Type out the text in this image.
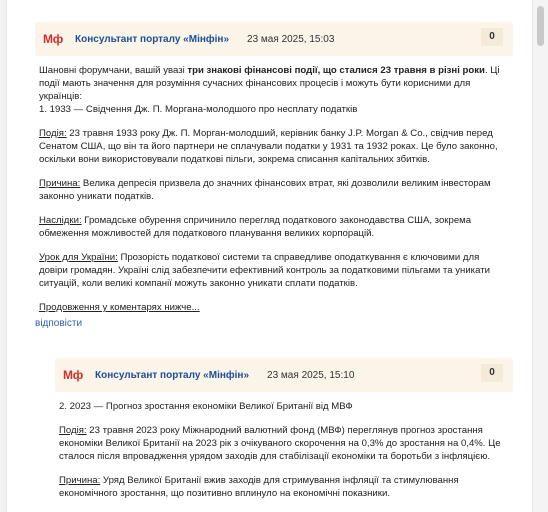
Мф Консультант порталу «Мінфін» 23 мая 2025, 15:03	0

Шановні форумчани, вашій увазі три знакові фінансові події, що сталися 23 травня в різні роки. Ці події мають значення для розуміння сучасних фінансових процесів і можуть бути корисними для українців:
1. 1933 — Свідчення Дж. П. Моргана-молодшого про несплату податків

Подія: 23 травня 1933 року Дж. П. Морган-молодший, керівник банку J.P. Morgan & Co., свідчив перед Сенатом США, що він та його партнери не сплачували податки у 1931 та 1932 роках. Це було законно, оскільки вони використовували податкові пільги, зокрема списання капітальних збитків.

Причина: Велика депресія призвела до значних фінансових втрат, які дозволили великим інвесторам законно уникати податків.

Наслідки: Громадське обурення спричинило перегляд податкового законодавства США, зокрема обмеження можливостей для податкового планування великих корпорацій.

Урок для України: Прозорість податкової системи та справедливе оподаткування є ключовими для довіри громадян. Україні слід забезпечити ефективний контроль за податковими пільгами та уникати ситуацій, коли великі компанії можуть законно уникати сплати податків.

Продовження у коментарях нижче...

відповісти
Мф Консультант порталу «Мінфін» 23 мая 2025, 15:10	0

2. 2023 — Прогноз зростання економіки Великої Британії від МВФ

Подія: 23 травня 2023 року Міжнародний валютний фонд (МВФ) переглянув прогноз зростання економіки Великої Британії на 2023 рік з очікуваного скорочення на 0,3% до зростання на 0,4%. Це сталося після впровадження урядом заходів для стабілізації економіки та боротьби з інфляцією.

Причина: Уряд Великої Британії вжив заходів для стримування інфляції та стимулювання економічного зростання, що позитивно вплинуло на економічні показники.
